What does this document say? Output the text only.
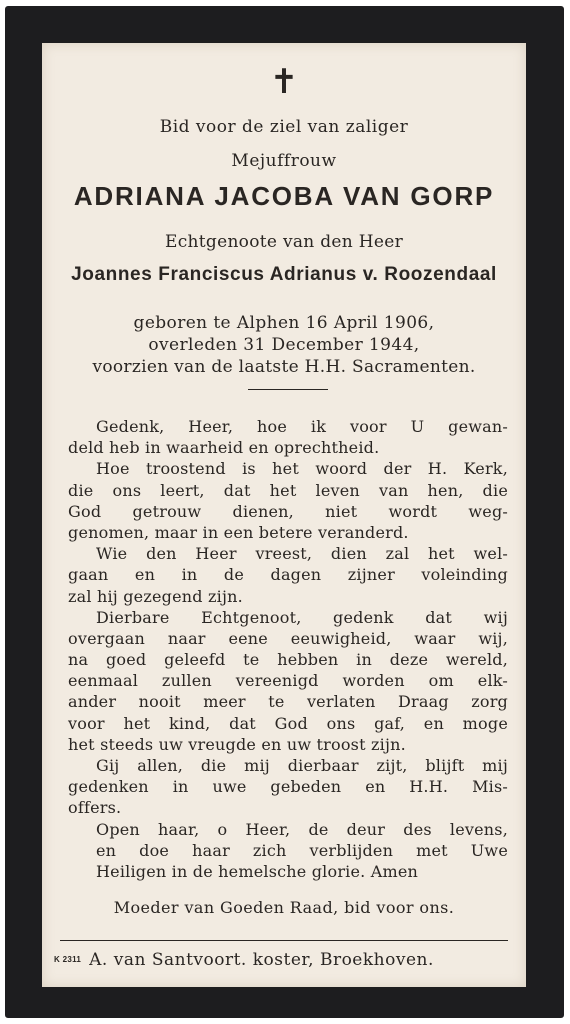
✝
Bid voor de ziel van zaliger
Mejuffrouw
ADRIANA JACOBA VAN GORP
Echtgenoote van den Heer
Joannes Franciscus Adrianus v. Roozendaal
geboren te Alphen 16 April 1906,
overleden 31 December 1944,
voorzien van de laatste H.H. Sacramenten.
Gedenk, Heer, hoe ik voor U gewan-
deld heb in waarheid en oprechtheid.
Hoe troostend is het woord der H. Kerk,
die ons leert, dat het leven van hen, die
God getrouw dienen, niet wordt weg-
genomen, maar in een betere veranderd.
Wie den Heer vreest, dien zal het wel-
gaan en in de dagen zijner voleinding
zal hij gezegend zijn.
Dierbare Echtgenoot, gedenk dat wij
overgaan naar eene eeuwigheid, waar wij,
na goed geleefd te hebben in deze wereld,
eenmaal zullen vereenigd worden om elk-
ander nooit meer te verlaten Draag zorg
voor het kind, dat God ons gaf, en moge
het steeds uw vreugde en uw troost zijn.
Gij allen, die mij dierbaar zijt, blijft mij
gedenken in uwe gebeden en H.H. Mis-
offers.
Open haar, o Heer, de deur des levens,
en doe haar zich verblijden met Uwe
Heiligen in de hemelsche glorie. Amen
Moeder van Goeden Raad, bid voor ons.
K 2311 A. van Santvoort. koster, Broekhoven.
